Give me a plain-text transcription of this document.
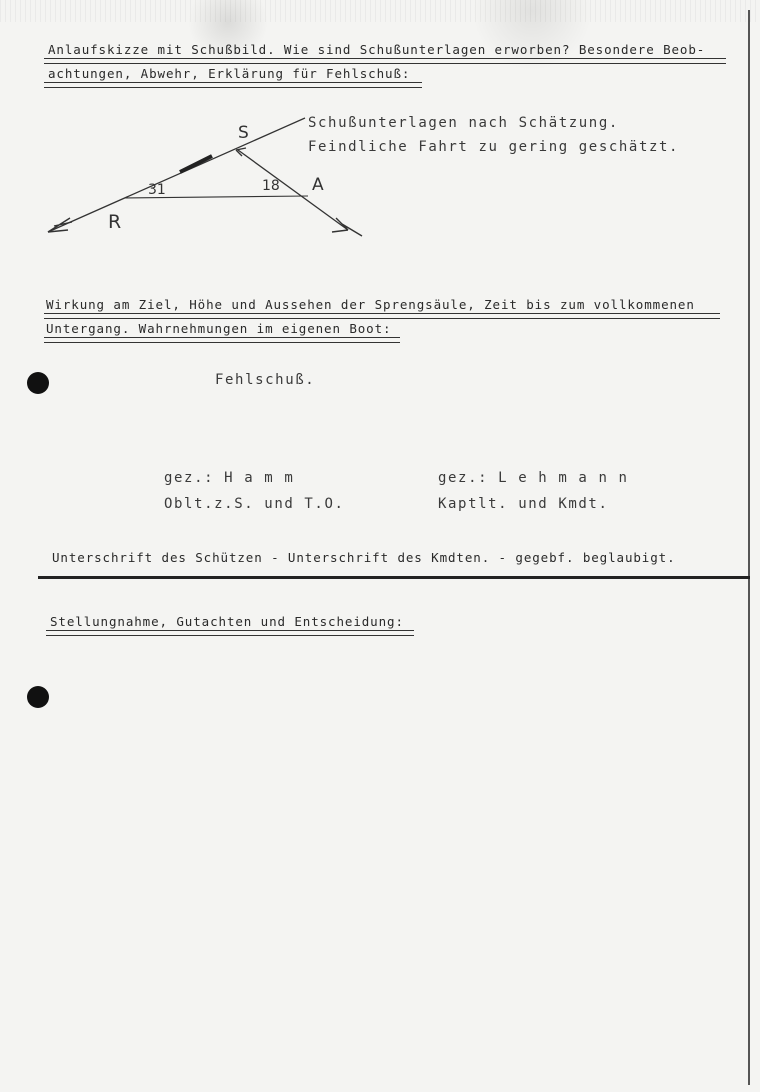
Anlaufskizze mit Schußbild. Wie sind Schußunterlagen erworben? Besondere Beob-
achtungen, Abwehr, Erklärung für Fehlschuß:
S
R
A
31	18
Schußunterlagen nach Schätzung.
Feindliche Fahrt zu gering geschätzt.
Wirkung am Ziel, Höhe und Aussehen der Sprengsäule, Zeit bis zum vollkommenen
Untergang. Wahrnehmungen im eigenen Boot:
Fehlschuß.
gez.: H a m m
Oblt.z.S. und T.O.
gez.: L e h m a n n
Kaptlt. und Kmdt.
Unterschrift des Schützen - Unterschrift des Kmdten. - gegebf. beglaubigt.
Stellungnahme, Gutachten und Entscheidung:
